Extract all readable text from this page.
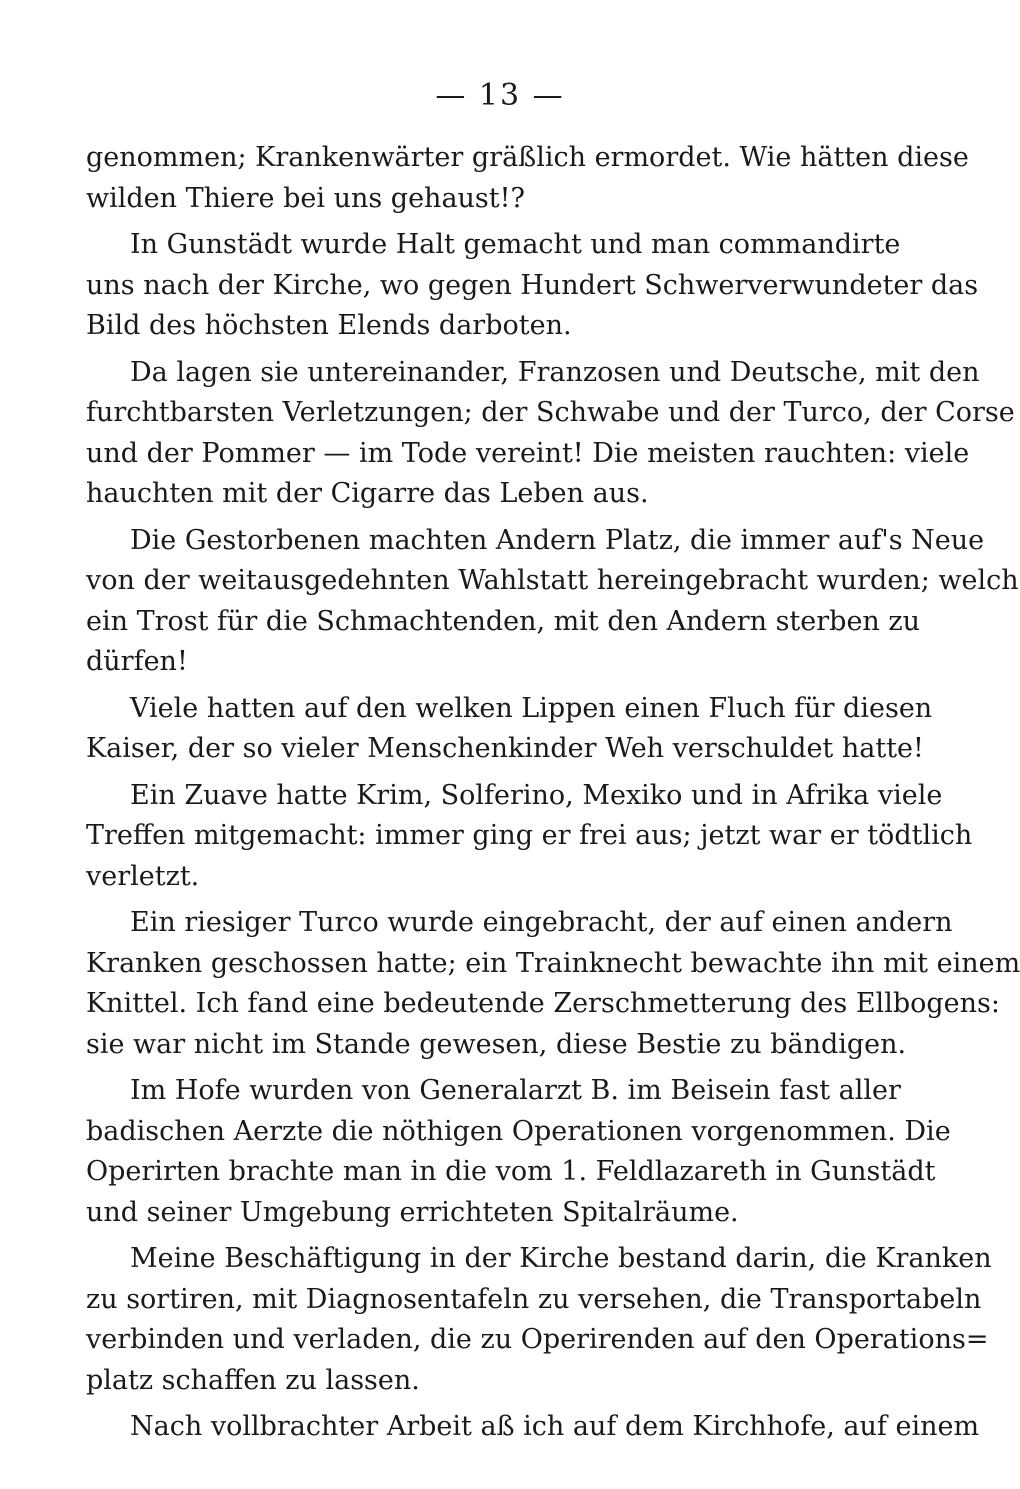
— 13 —
genommen; Krankenwärter gräßlich ermordet. Wie hätten diese
wilden Thiere bei uns gehaust!?
In Gunstädt wurde Halt gemacht und man commandirte
uns nach der Kirche, wo gegen Hundert Schwerverwundeter das
Bild des höchsten Elends darboten.
Da lagen sie untereinander, Franzosen und Deutsche, mit den
furchtbarsten Verletzungen; der Schwabe und der Turco, der Corse
und der Pommer — im Tode vereint! Die meisten rauchten: viele
hauchten mit der Cigarre das Leben aus.
Die Gestorbenen machten Andern Platz, die immer auf's Neue
von der weitausgedehnten Wahlstatt hereingebracht wurden; welch
ein Trost für die Schmachtenden, mit den Andern sterben zu
dürfen!
Viele hatten auf den welken Lippen einen Fluch für diesen
Kaiser, der so vieler Menschenkinder Weh verschuldet hatte!
Ein Zuave hatte Krim, Solferino, Mexiko und in Afrika viele
Treffen mitgemacht: immer ging er frei aus; jetzt war er tödtlich
verletzt.
Ein riesiger Turco wurde eingebracht, der auf einen andern
Kranken geschossen hatte; ein Trainknecht bewachte ihn mit einem
Knittel. Ich fand eine bedeutende Zerschmetterung des Ellbogens:
sie war nicht im Stande gewesen, diese Bestie zu bändigen.
Im Hofe wurden von Generalarzt B. im Beisein fast aller
badischen Aerzte die nöthigen Operationen vorgenommen. Die
Operirten brachte man in die vom 1. Feldlazareth in Gunstädt
und seiner Umgebung errichteten Spitalräume.
Meine Beschäftigung in der Kirche bestand darin, die Kranken
zu sortiren, mit Diagnosentafeln zu versehen, die Transportabeln
verbinden und verladen, die zu Operirenden auf den Operations=
platz schaffen zu lassen.
Nach vollbrachter Arbeit aß ich auf dem Kirchhofe, auf einem
